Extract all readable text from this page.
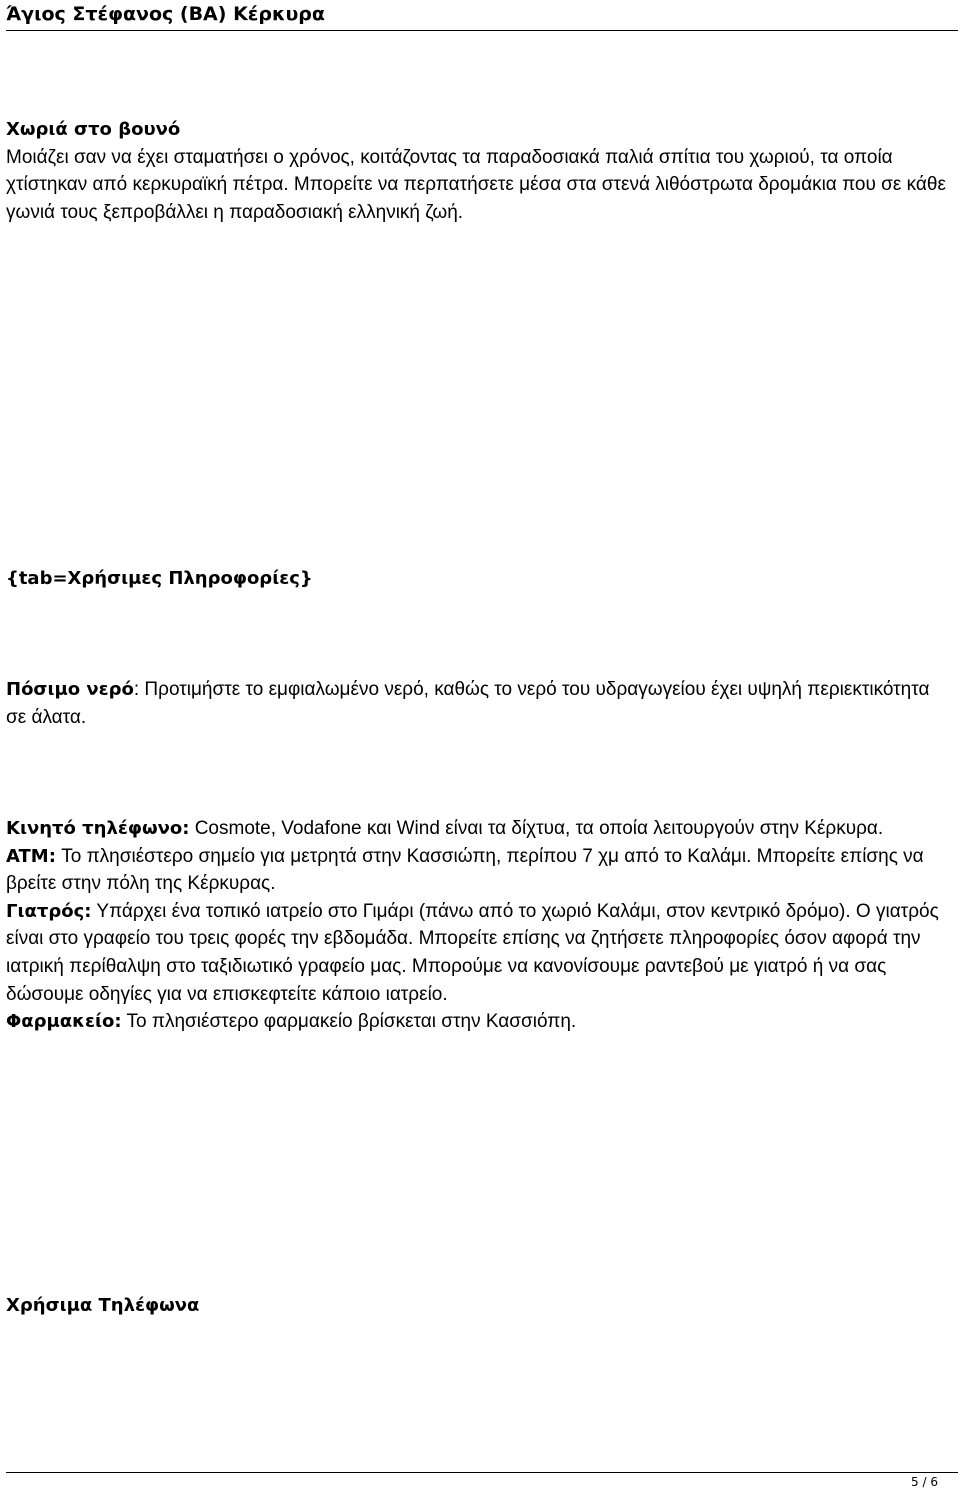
Άγιος Στέφανος (ΒΑ) Κέρκυρα
Χωριά στο βουνό

Μοιάζει σαν να έχει σταματήσει ο χρόνος, κοιτάζοντας τα παραδοσιακά παλιά σπίτια του χωριού, τα οποία χτίστηκαν από κερκυραϊκή πέτρα. Μπορείτε να περπατήσετε μέσα στα στενά λιθόστρωτα δρομάκια που σε κάθε γωνιά τους ξεπροβάλλει η παραδοσιακή ελληνική ζωή.

{tab=Χρήσιμες Πληροφορίες}

Πόσιμο νερό: Προτιμήστε το εμφιαλωμένο νερό, καθώς το νερό του υδραγωγείου έχει υψηλή περιεκτικότητα σε άλατα.

Κινητό τηλέφωνο: Cosmote, Vodafone και Wind είναι τα δίχτυα, τα οποία λειτουργούν στην Κέρκυρα.

ATM: Το πλησιέστερο σημείο για μετρητά στην Κασσιώπη, περίπου 7 χμ από το Καλάμι. Μπορείτε επίσης να βρείτε στην πόλη της Κέρκυρας.

Γιατρός: Υπάρχει ένα τοπικό ιατρείο στο Γιμάρι (πάνω από το χωριό Καλάμι, στον κεντρικό δρόμο). Ο γιατρός είναι στο γραφείο του τρεις φορές την εβδομάδα. Μπορείτε επίσης να ζητήσετε πληροφορίες όσον αφορά την ιατρική περίθαλψη στο ταξιδιωτικό γραφείο μας. Μπορούμε να κανονίσουμε ραντεβού με γιατρό ή να σας δώσουμε οδηγίες για να επισκεφτείτε κάποιο ιατρείο.

Φαρμακείο: Το πλησιέστερο φαρμακείο βρίσκεται στην Κασσιόπη.

Χρήσιμα Τηλέφωνα
5 / 6
